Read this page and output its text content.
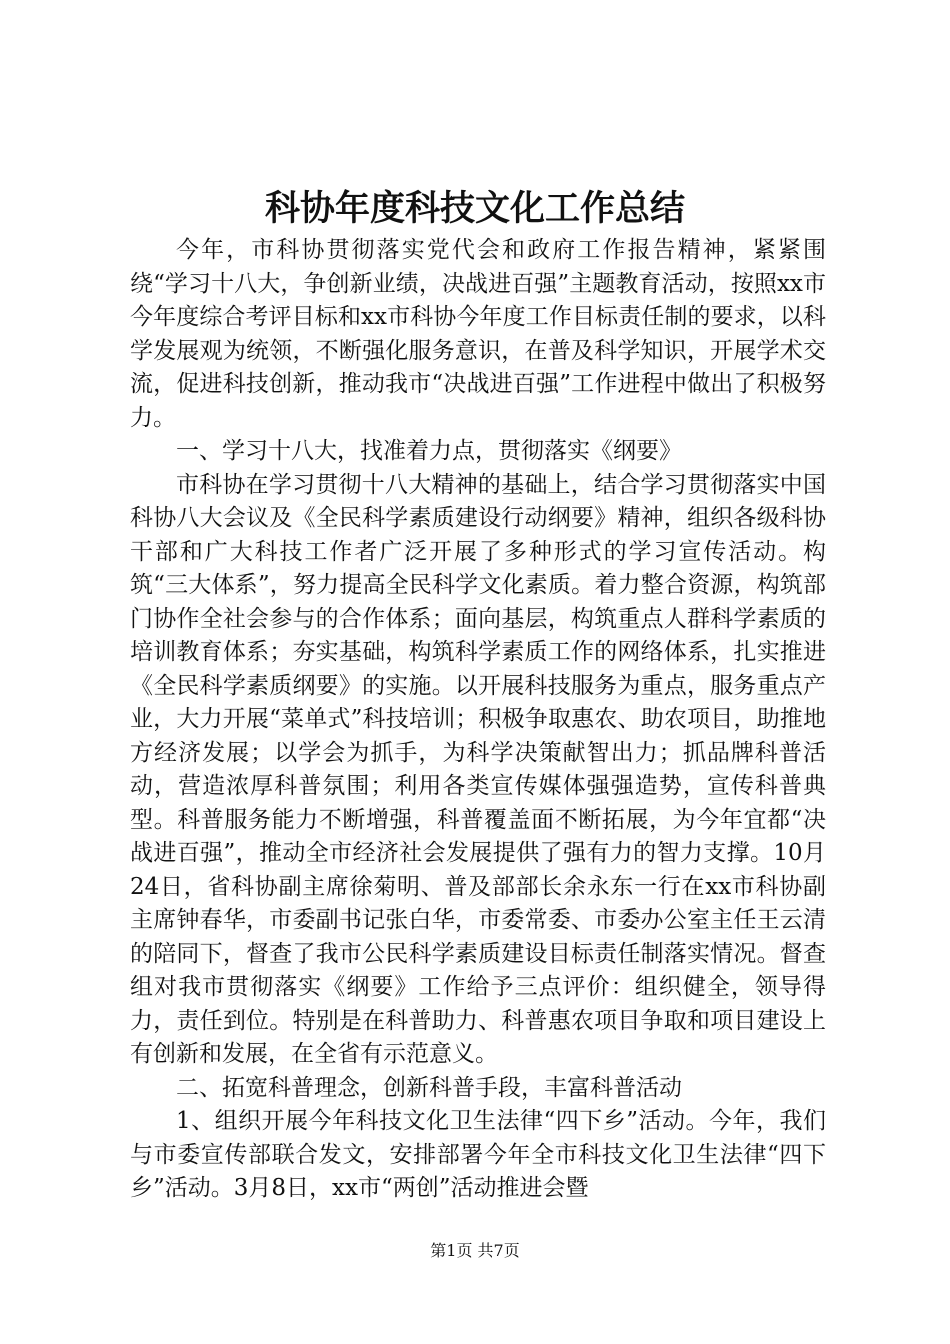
科协年度科技文化工作总结

今年，市科协贯彻落实党代会和政府工作报告精神，紧紧围绕“学习十八大，争创新业绩，决战进百强”主题教育活动，按照xx市今年度综合考评目标和xx市科协今年度工作目标责任制的要求，以科学发展观为统领，不断强化服务意识，在普及科学知识，开展学术交流，促进科技创新，推动我市“决战进百强”工作进程中做出了积极努力。

一、学习十八大，找准着力点，贯彻落实《纲要》

市科协在学习贯彻十八大精神的基础上，结合学习贯彻落实中国科协八大会议及《全民科学素质建设行动纲要》精神，组织各级科协干部和广大科技工作者广泛开展了多种形式的学习宣传活动。构筑“三大体系”，努力提高全民科学文化素质。着力整合资源，构筑部门协作全社会参与的合作体系；面向基层，构筑重点人群科学素质的培训教育体系；夯实基础，构筑科学素质工作的网络体系，扎实推进《全民科学素质纲要》的实施。以开展科技服务为重点，服务重点产业，大力开展“菜单式”科技培训；积极争取惠农、助农项目，助推地方经济发展；以学会为抓手，为科学决策献智出力；抓品牌科普活动，营造浓厚科普氛围；利用各类宣传媒体强强造势，宣传科普典型。科普服务能力不断增强，科普覆盖面不断拓展，为今年宜都“决战进百强”，推动全市经济社会发展提供了强有力的智力支撑。10月24日，省科协副主席徐菊明、普及部部长余永东一行在xx市科协副主席钟春华，市委副书记张白华，市委常委、市委办公室主任王云清的陪同下，督查了我市公民科学素质建设目标责任制落实情况。督查组对我市贯彻落实《纲要》工作给予三点评价：组织健全，领导得力，责任到位。特别是在科普助力、科普惠农项目争取和项目建设上有创新和发展，在全省有示范意义。

二、拓宽科普理念，创新科普手段，丰富科普活动

1、组织开展今年科技文化卫生法律“四下乡”活动。今年，我们与市委宣传部联合发文，安排部署今年全市科技文化卫生法律“四下乡”活动。3月8日，xx市“两创”活动推进会暨

第1页 共7页
